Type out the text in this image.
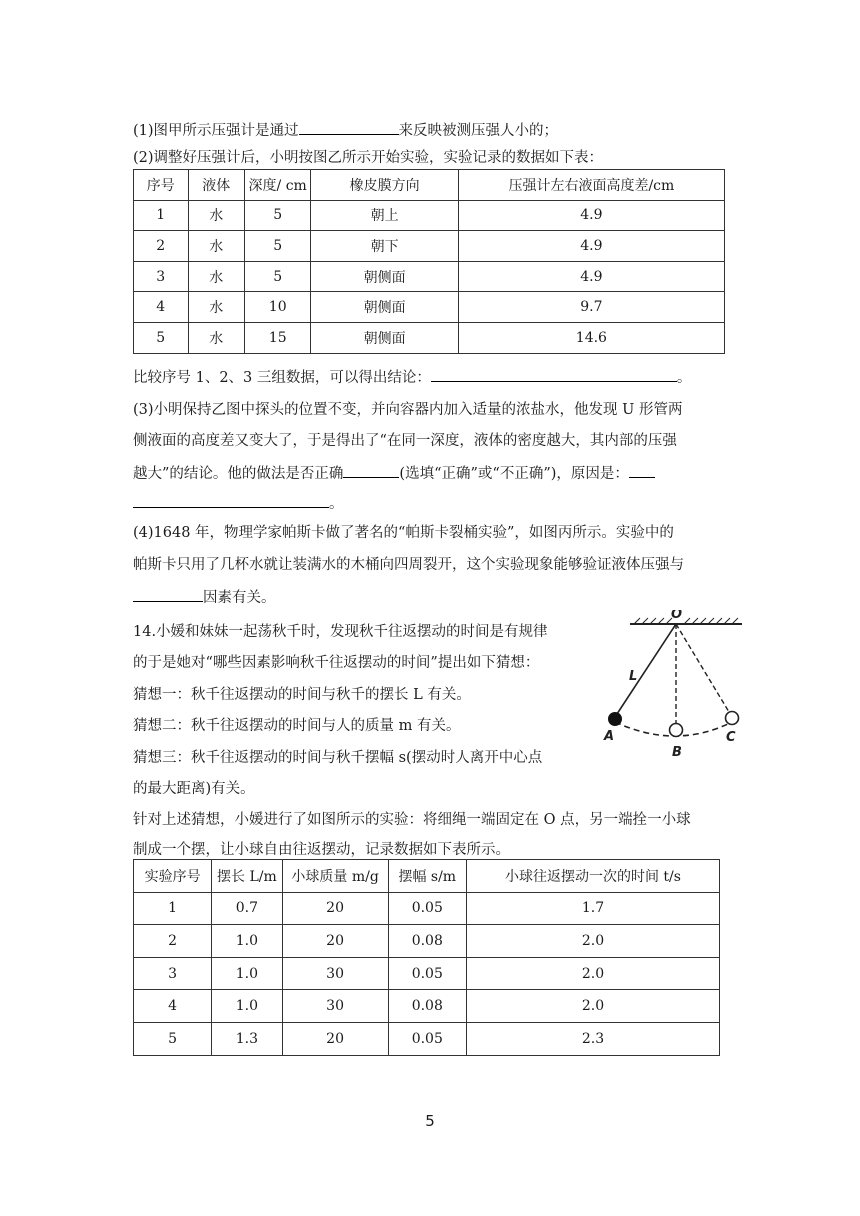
(1)图甲所示压强计是通过	来反映被测压强人小的；
(2)调整好压强计后，小明按图乙所示开始实验，实验记录的数据如下表：
序号	液体	深度/ cm	橡皮膜方向	压强计左右液面高度差/cm
1	水	5	朝上	4.9
2	水	5	朝下	4.9
3	水	5	朝侧面	4.9
4	水	10	朝侧面	9.7
5	水	15	朝侧面	14.6
比较序号 1、2、3 三组数据，可以得出结论：	。
(3)小明保持乙图中探头的位置不变，并向容器内加入适量的浓盐水，他发现 U 形管两
侧液面的高度差又变大了，于是得出了“在同一深度，液体的密度越大，其内部的压强
越大”的结论。他的做法是否正确	(选填“正确”或“不正确”)，原因是：
。
(4)1648 年，物理学家帕斯卡做了著名的“帕斯卡裂桶实验”，如图丙所示。实验中的
帕斯卡只用了几杯水就让装满水的木桶向四周裂开，这个实验现象能够验证液体压强与
因素有关。
14.小媛和妹妹一起荡秋千时，发现秋千往返摆动的时间是有规律
的于是她对“哪些因素影响秋千往返摆动的时间”提出如下猜想：
猜想一：秋千往返摆动的时间与秋千的摆长 L 有关。
猜想二：秋千往返摆动的时间与人的质量 m 有关。
猜想三：秋千往返摆动的时间与秋千摆幅 s(摆动时人离开中心点
的最大距离)有关。
针对上述猜想，小媛进行了如图所示的实验：将细绳一端固定在 O 点，另一端拴一小球
制成一个摆，让小球自由往返摆动，记录数据如下表所示。
O
L
A
B
C
实验序号	摆长 L/m	小球质量 m/g	摆幅 s/m	小球往返摆动一次的时间 t/s
1	0.7	20	0.05	1.7
2	1.0	20	0.08	2.0
3	1.0	30	0.05	2.0
4	1.0	30	0.08	2.0
5	1.3	20	0.05	2.3
5
